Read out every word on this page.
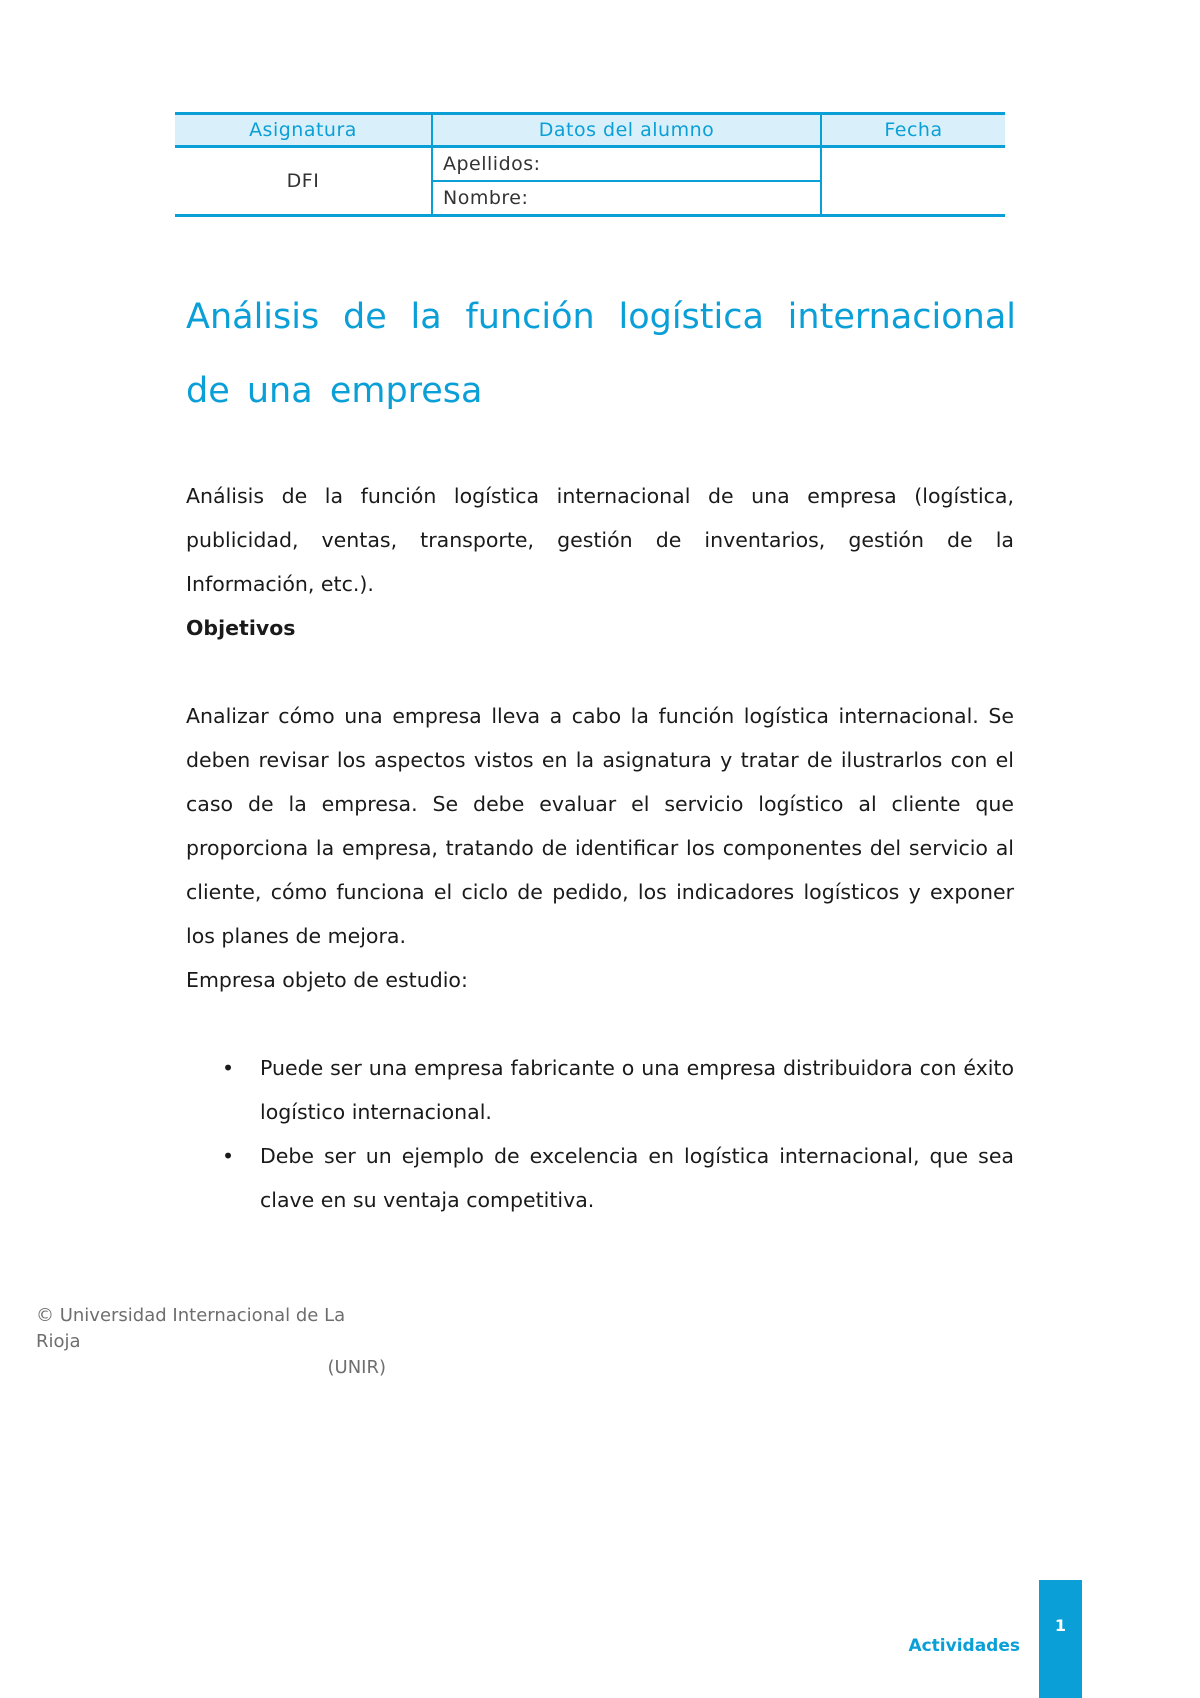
Asignatura	Datos del alumno	Fecha
DFI	Apellidos:	
	Nombre:	
Análisis de la función logística internacional de una empresa

Análisis de la función logística internacional de una empresa (logística, publicidad, ventas, transporte, gestión de inventarios, gestión de la Información, etc.).

Objetivos

Analizar cómo una empresa lleva a cabo la función logística internacional. Se deben revisar los aspectos vistos en la asignatura y tratar de ilustrarlos con el caso de la empresa. Se debe evaluar el servicio logístico al cliente que proporciona la empresa, tratando de identificar los componentes del servicio al cliente, cómo funciona el ciclo de pedido, los indicadores logísticos y exponer los planes de mejora.

Empresa objeto de estudio:

• Puede ser una empresa fabricante o una empresa distribuidora con éxito logístico internacional.
• Debe ser un ejemplo de excelencia en logística internacional, que sea clave en su ventaja competitiva.
© Universidad Internacional de La Rioja
(UNIR)
Actividades
1
